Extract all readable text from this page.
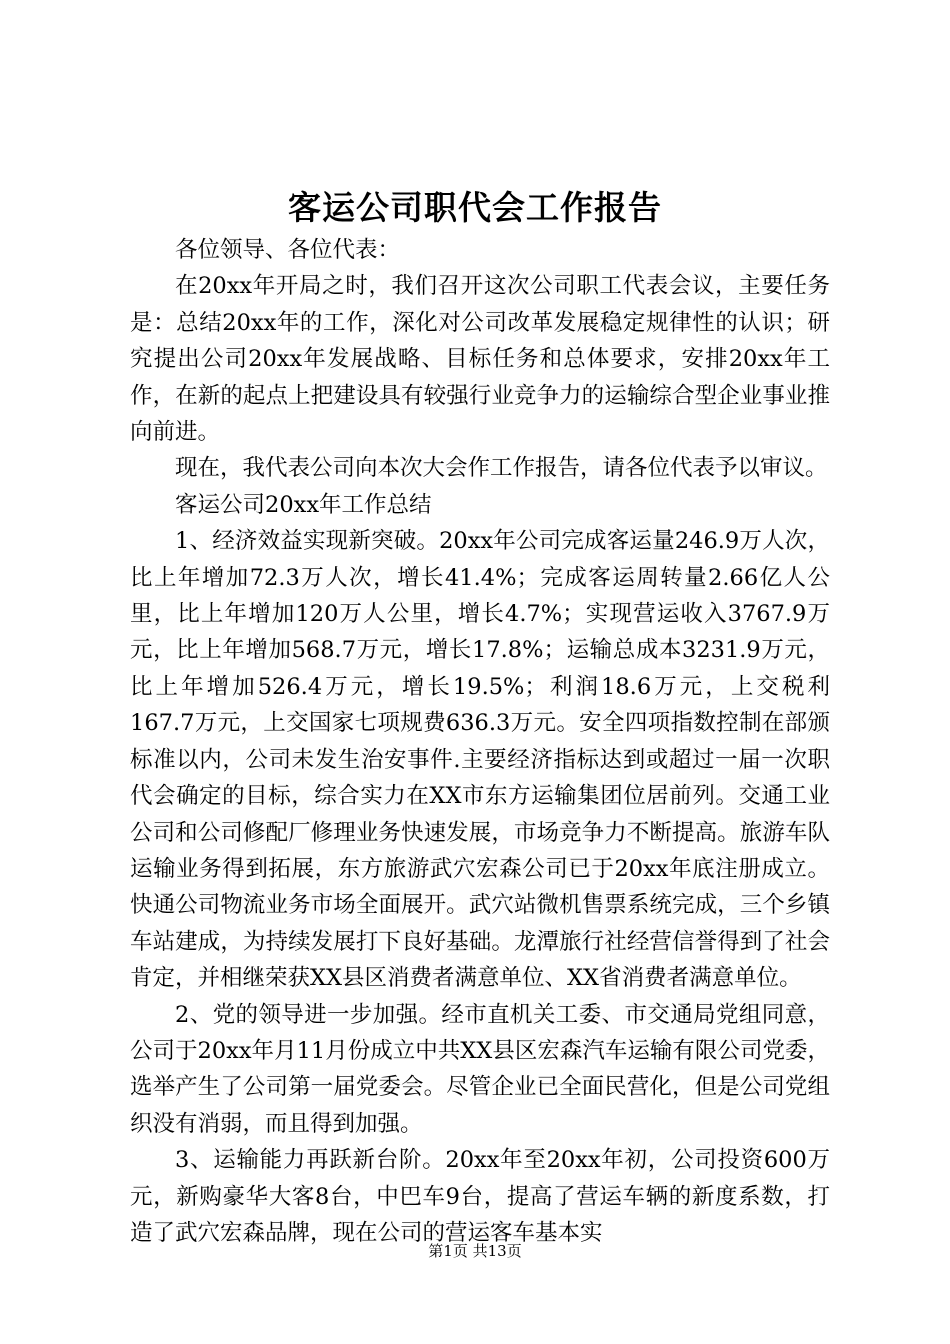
客运公司职代会工作报告

各位领导、各位代表：

在20xx年开局之时，我们召开这次公司职工代表会议，主要任务是：总结20xx年的工作，深化对公司改革发展稳定规律性的认识；研究提出公司20xx年发展战略、目标任务和总体要求，安排20xx年工作，在新的起点上把建设具有较强行业竞争力的运输综合型企业事业推向前进。

现在，我代表公司向本次大会作工作报告，请各位代表予以审议。

客运公司20xx年工作总结

1、经济效益实现新突破。20xx年公司完成客运量246.9万人次，比上年增加72.3万人次，增长41.4%；完成客运周转量2.66亿人公里，比上年增加120万人公里，增长4.7%；实现营运收入3767.9万元，比上年增加568.7万元，增长17.8%；运输总成本3231.9万元，比上年增加526.4万元，增长19.5%；利润18.6万元，上交税利167.7万元，上交国家七项规费636.3万元。安全四项指数控制在部颁标准以内，公司未发生治安事件.主要经济指标达到或超过一届一次职代会确定的目标，综合实力在XX市东方运输集团位居前列。交通工业公司和公司修配厂修理业务快速发展，市场竞争力不断提高。旅游车队运输业务得到拓展，东方旅游武穴宏森公司已于20xx年底注册成立。快通公司物流业务市场全面展开。武穴站微机售票系统完成，三个乡镇车站建成，为持续发展打下良好基础。龙潭旅行社经营信誉得到了社会肯定，并相继荣获XX县区消费者满意单位、XX省消费者满意单位。

2、党的领导进一步加强。经市直机关工委、市交通局党组同意，公司于20xx年月11月份成立中共XX县区宏森汽车运输有限公司党委，选举产生了公司第一届党委会。尽管企业已全面民营化，但是公司党组织没有消弱，而且得到加强。

3、运输能力再跃新台阶。20xx年至20xx年初，公司投资600万元，新购豪华大客8台，中巴车9台，提高了营运车辆的新度系数，打造了武穴宏森品牌，现在公司的营运客车基本实

第1页 共13页
